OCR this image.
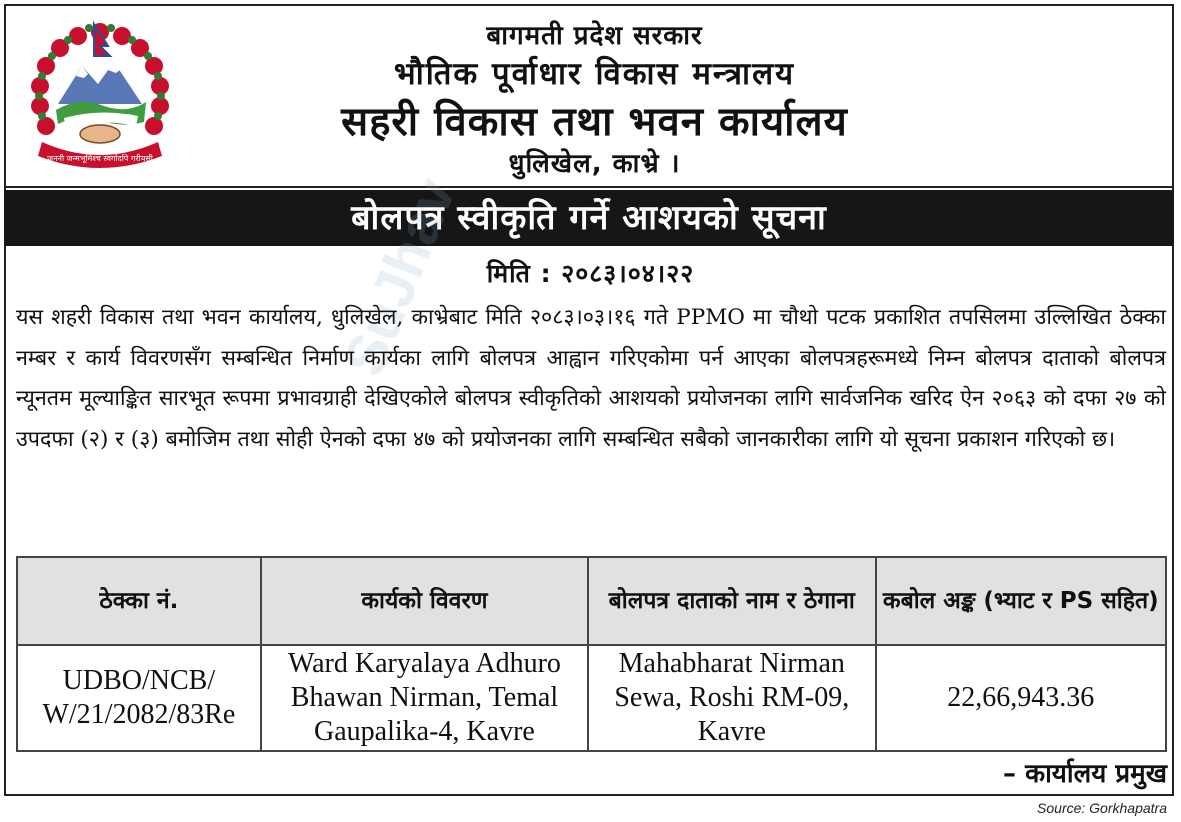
जननी जन्मभूमिश्च स्वर्गादपि गरीयसी
बागमती प्रदेश सरकार
भौतिक पूर्वाधार विकास मन्त्रालय
सहरी विकास तथा भवन कार्यालय
धुलिखेल, काभ्रे ।
बोलपत्र स्वीकृति गर्ने आशयको सूचना
मिति : २०८३।०४।२२
SuJhav
यस शहरी विकास तथा भवन कार्यालय, धुलिखेल, काभ्रेबाट मिति २०८३।०३।१६ गते PPMO मा चौथो पटक प्रकाशित तपसिलमा उल्लिखित ठेक्का नम्बर र कार्य विवरणसँग सम्बन्धित निर्माण कार्यका लागि बोलपत्र आह्वान गरिएकोमा पर्न आएका बोलपत्रहरूमध्ये निम्न बोलपत्र दाताको बोलपत्र न्यूनतम मूल्याङ्कित सारभूत रूपमा प्रभावग्राही देखिएकोले बोलपत्र स्वीकृतिको आशयको प्रयोजनका लागि सार्वजनिक खरिद ऐन २०६३ को दफा २७ को उपदफा (२) र (३) बमोजिम तथा सोही ऐनको दफा ४७ को प्रयोजनका लागि सम्बन्धित सबैको जानकारीका लागि यो सूचना प्रकाशन गरिएको छ।
ठेक्का नं.	कार्यको विवरण	बोलपत्र दाताको नाम र ठेगाना	कबोल अङ्क (भ्याट र PS सहित)
UDBO/NCB/ W/21/2082/83Re	Ward Karyalaya Adhuro Bhawan Nirman, Temal Gaupalika-4, Kavre	Mahabharat Nirman Sewa, Roshi RM-09, Kavre	22,66,943.36
– कार्यालय प्रमुख
Source: Gorkhapatra
